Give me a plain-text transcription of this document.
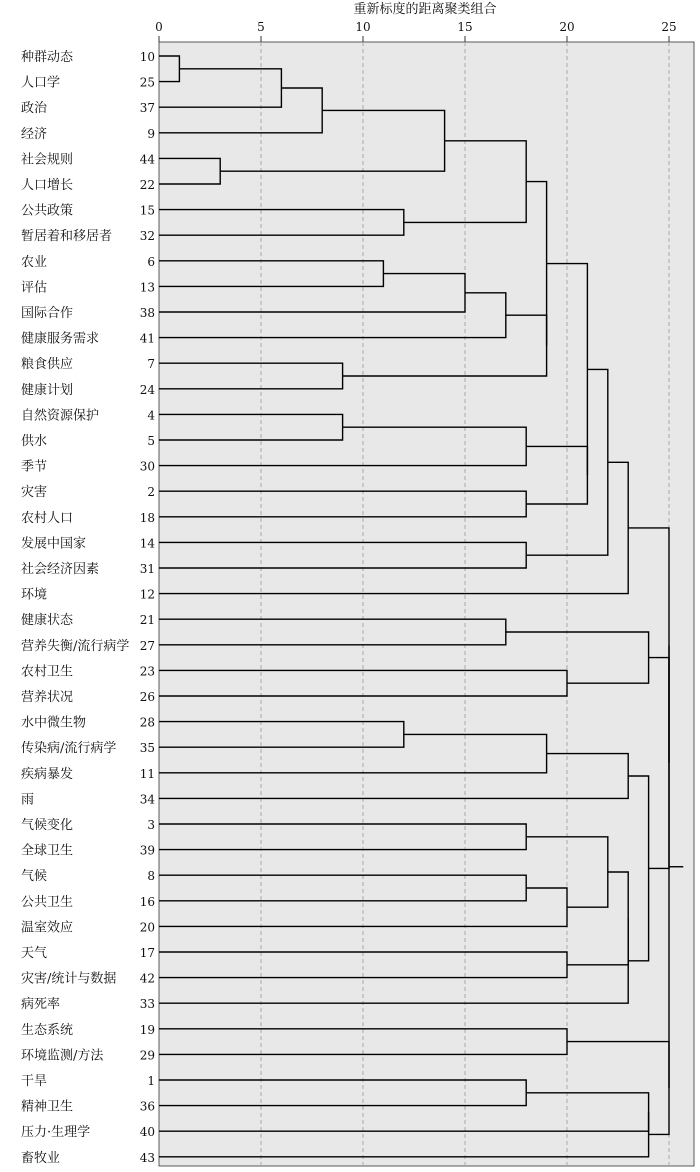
重新标度的距离聚类组合
0	5	10	15	20	25
种群动态	10
人口学	25
政治	37
经济	9
社会规则	44
人口增长	22
公共政策	15
暂居着和移居者 32
农业	6
评估	13
国际合作	38
健康服务需求	41
粮食供应	7
健康计划	24
自然资源保护	4
供水	5
季节	30
灾害	2
农村人口	18
发展中国家	14
社会经济因素	31
环境	12
健康状态	21
营养失衡/流行病学 27
农村卫生	23
营养状况	26
水中微生物	28
传染病/流行病学 35
疾病暴发	11
雨	34
气候变化	3
全球卫生	39
气候	8
公共卫生	16
温室效应	20
天气	17
灾害/统计与数据 42
病死率	33
生态系统	19
环境监测/方法	29
干旱	1
精神卫生	36
压力·生理学	40
畜牧业	43
